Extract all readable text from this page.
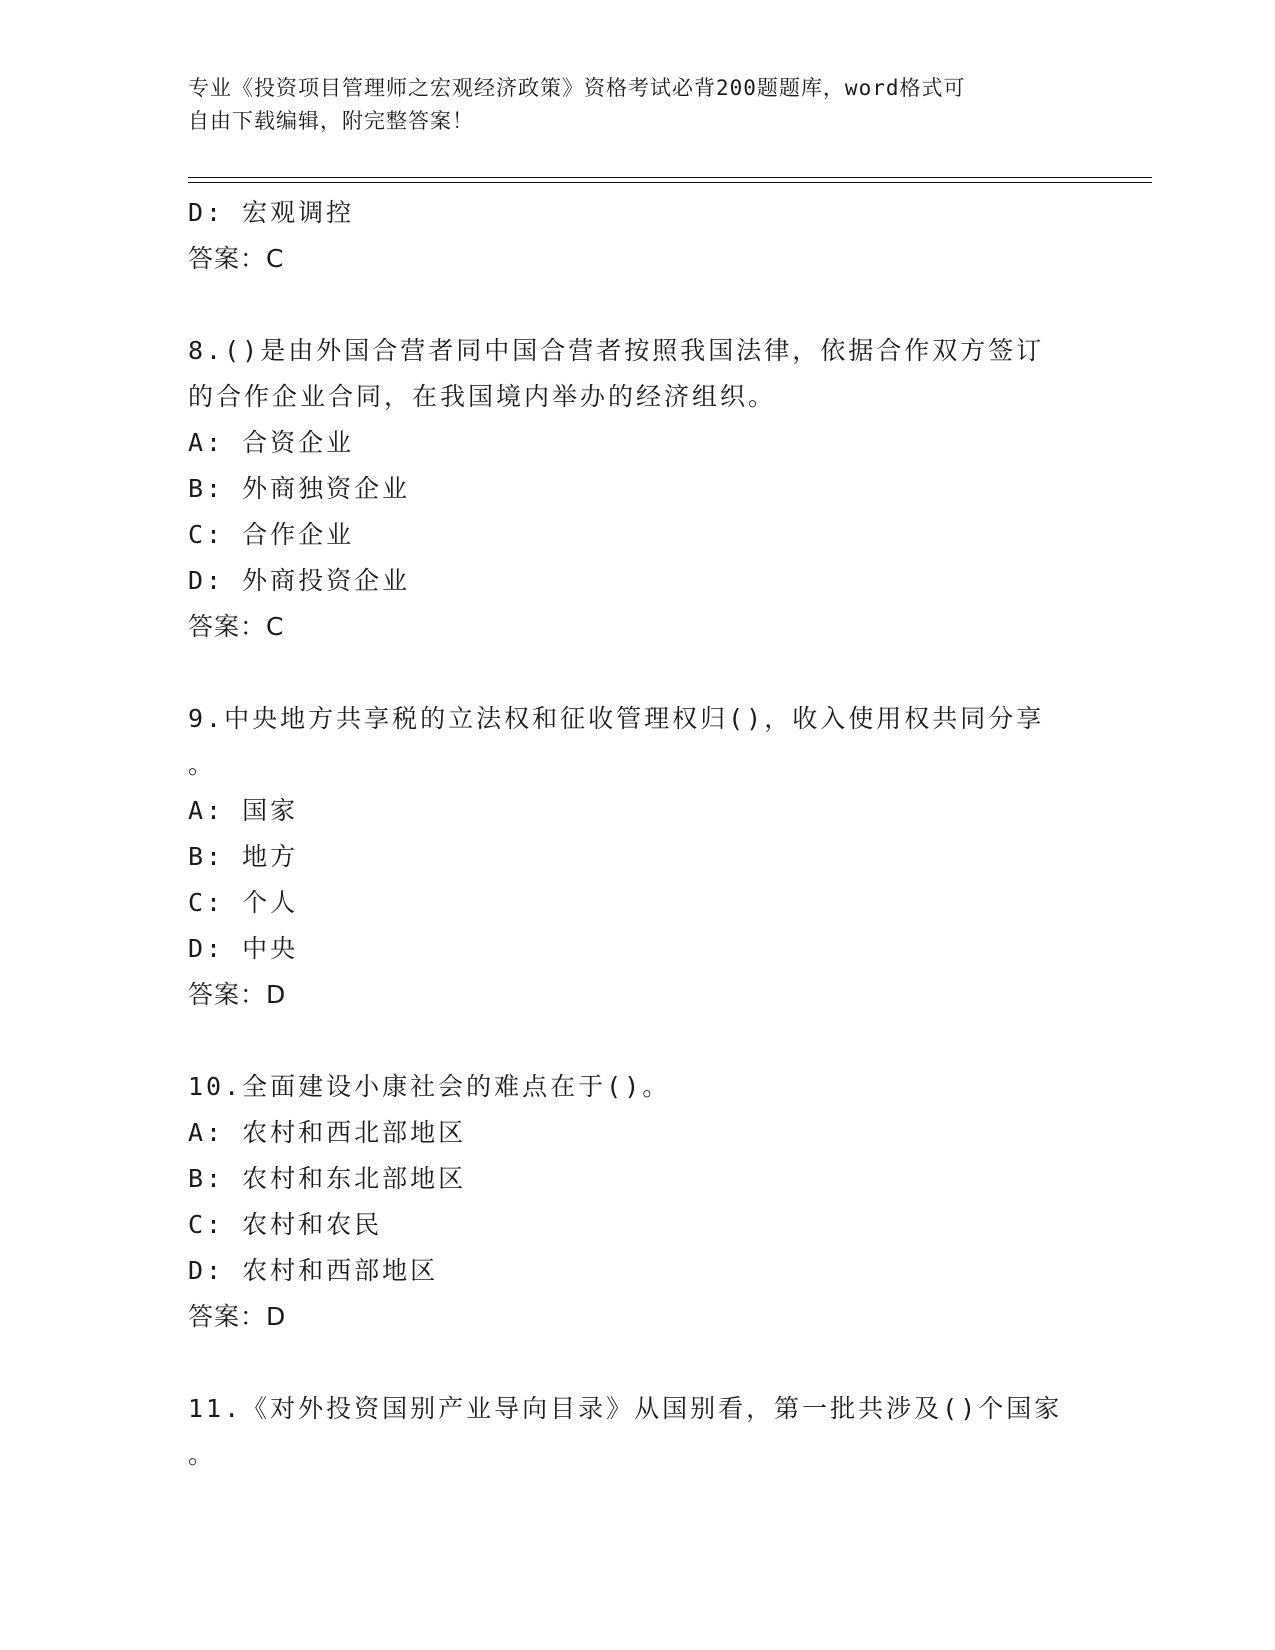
专业《投资项目管理师之宏观经济政策》资格考试必背200题题库，word格式可
自由下载编辑，附完整答案！
D: 宏观调控
答案：C
8.()是由外国合营者同中国合营者按照我国法律，依据合作双方签订
的合作企业合同，在我国境内举办的经济组织。
A: 合资企业
B: 外商独资企业
C: 合作企业
D: 外商投资企业
答案：C
9.中央地方共享税的立法权和征收管理权归()，收入使用权共同分享
。
A: 国家
B: 地方
C: 个人
D: 中央
答案：D
10.全面建设小康社会的难点在于()。
A: 农村和西北部地区
B: 农村和东北部地区
C: 农村和农民
D: 农村和西部地区
答案：D
11.《对外投资国别产业导向目录》从国别看，第一批共涉及()个国家
。
